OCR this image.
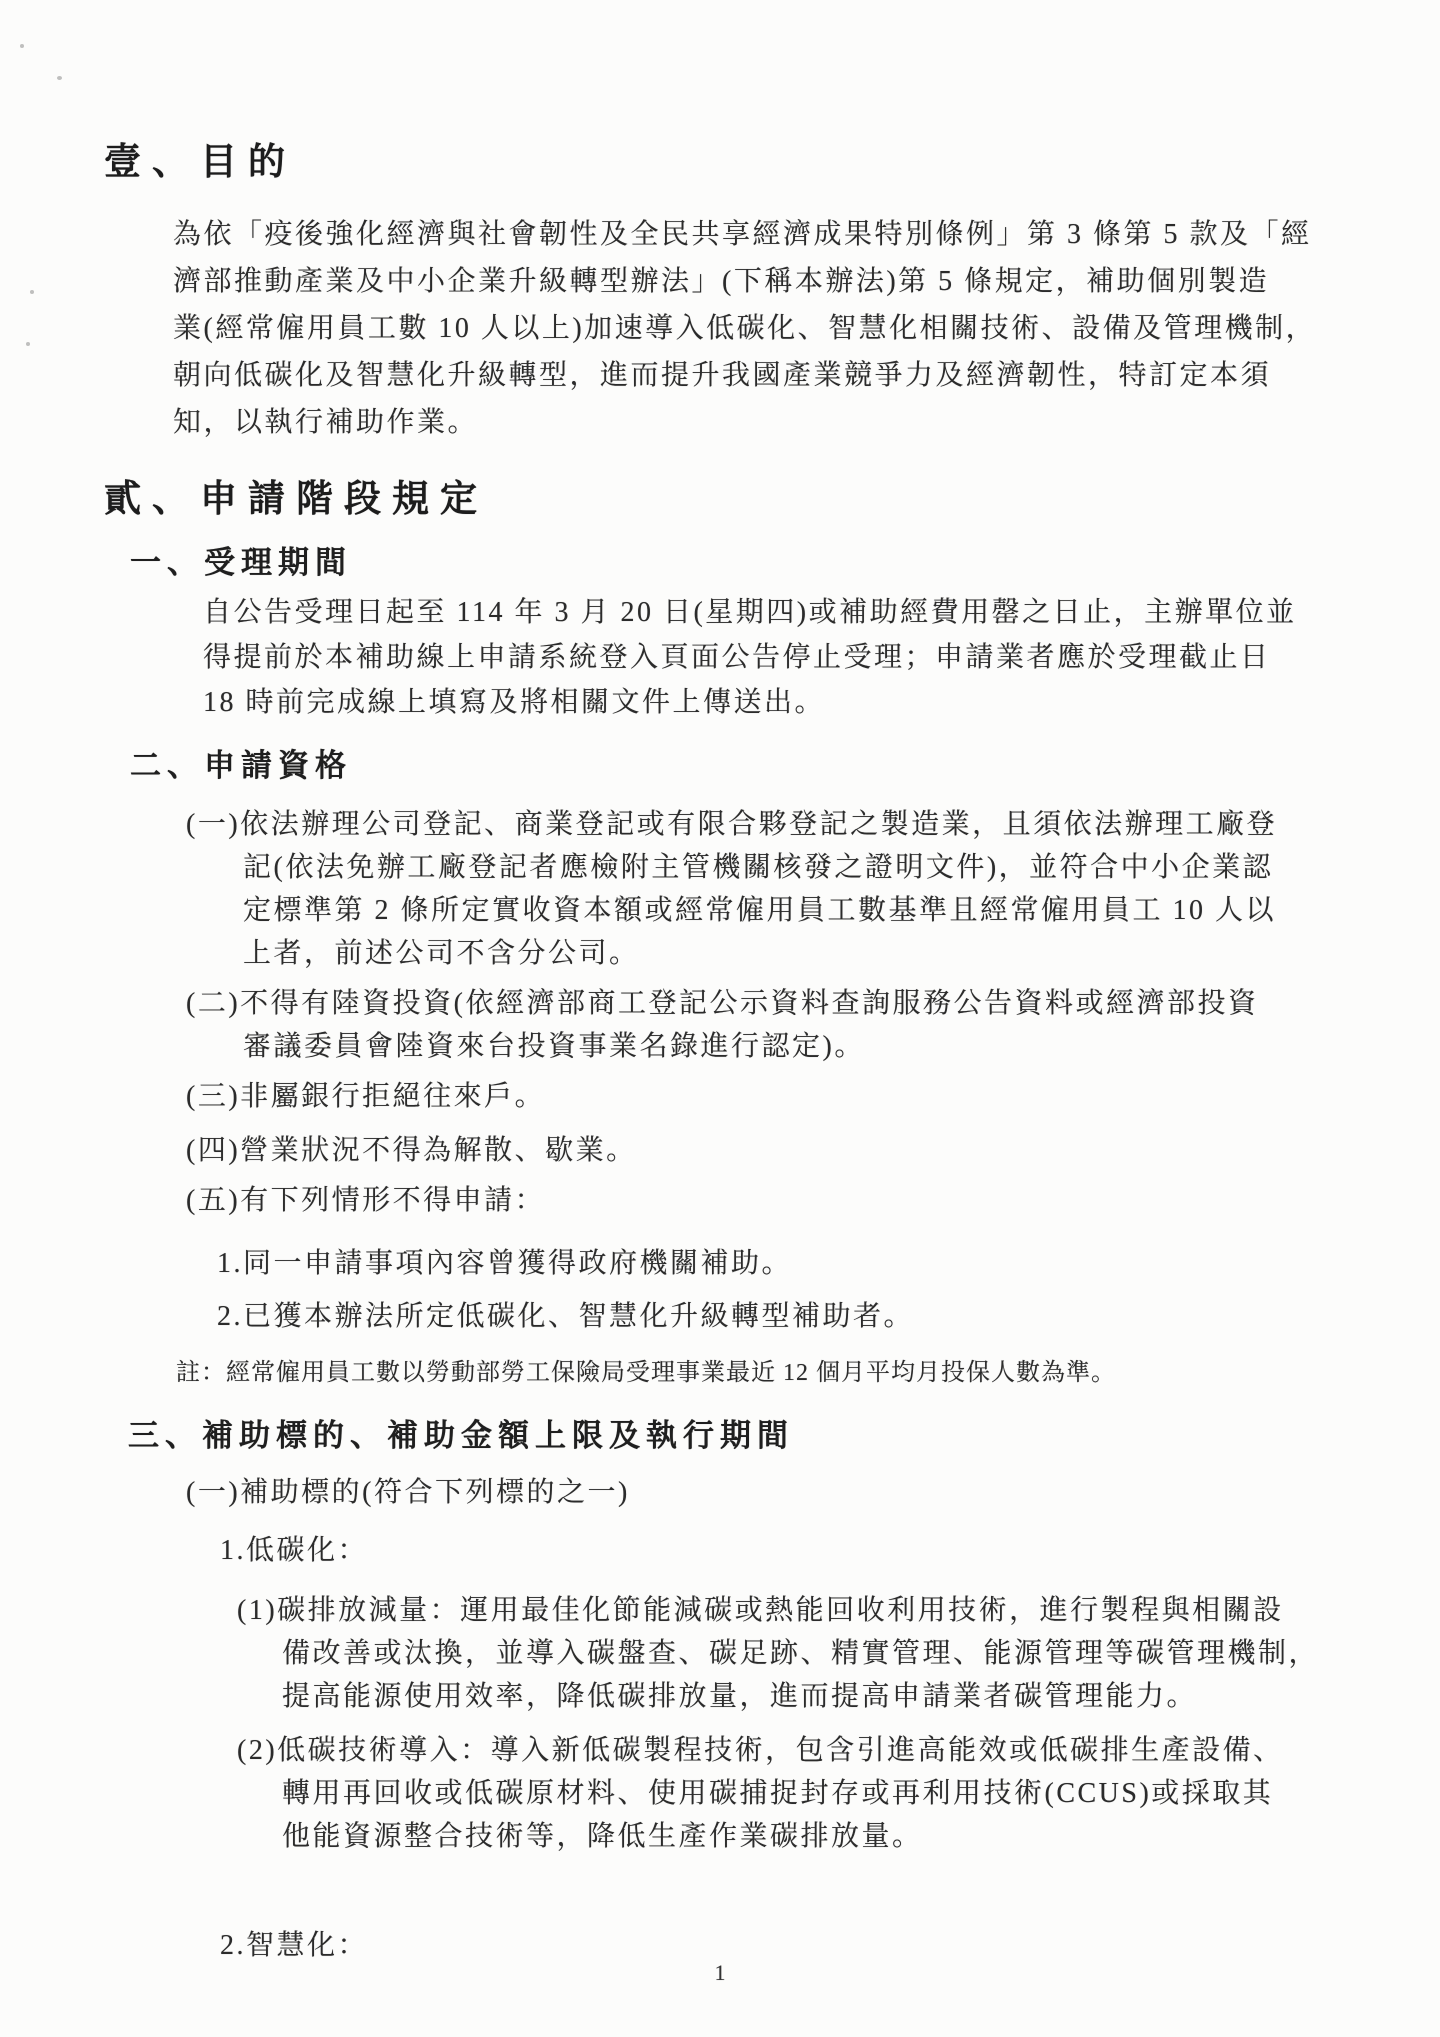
壹、目的
為依「疫後強化經濟與社會韌性及全民共享經濟成果特別條例」第 3 條第 5 款及「經
濟部推動產業及中小企業升級轉型辦法」(下稱本辦法)第 5 條規定，補助個別製造
業(經常僱用員工數 10 人以上)加速導入低碳化、智慧化相關技術、設備及管理機制，
朝向低碳化及智慧化升級轉型，進而提升我國產業競爭力及經濟韌性，特訂定本須
知，以執行補助作業。
貳、申請階段規定
一、受理期間
自公告受理日起至 114 年 3 月 20 日(星期四)或補助經費用罄之日止，主辦單位並
得提前於本補助線上申請系統登入頁面公告停止受理；申請業者應於受理截止日
18 時前完成線上填寫及將相關文件上傳送出。
二、申請資格
(一)依法辦理公司登記、商業登記或有限合夥登記之製造業，且須依法辦理工廠登
記(依法免辦工廠登記者應檢附主管機關核發之證明文件)，並符合中小企業認
定標準第 2 條所定實收資本額或經常僱用員工數基準且經常僱用員工 10 人以
上者，前述公司不含分公司。
(二)不得有陸資投資(依經濟部商工登記公示資料查詢服務公告資料或經濟部投資
審議委員會陸資來台投資事業名錄進行認定)。
(三)非屬銀行拒絕往來戶。
(四)營業狀況不得為解散、歇業。
(五)有下列情形不得申請：
1.同一申請事項內容曾獲得政府機關補助。
2.已獲本辦法所定低碳化、智慧化升級轉型補助者。
註：經常僱用員工數以勞動部勞工保險局受理事業最近 12 個月平均月投保人數為準。
三、補助標的、補助金額上限及執行期間
(一)補助標的(符合下列標的之一)
1.低碳化：
(1)碳排放減量：運用最佳化節能減碳或熱能回收利用技術，進行製程與相關設
備改善或汰換，並導入碳盤查、碳足跡、精實管理、能源管理等碳管理機制，
提高能源使用效率，降低碳排放量，進而提高申請業者碳管理能力。
(2)低碳技術導入：導入新低碳製程技術，包含引進高能效或低碳排生產設備、
轉用再回收或低碳原材料、使用碳捕捉封存或再利用技術(CCUS)或採取其
他能資源整合技術等，降低生產作業碳排放量。
2.智慧化：
1
